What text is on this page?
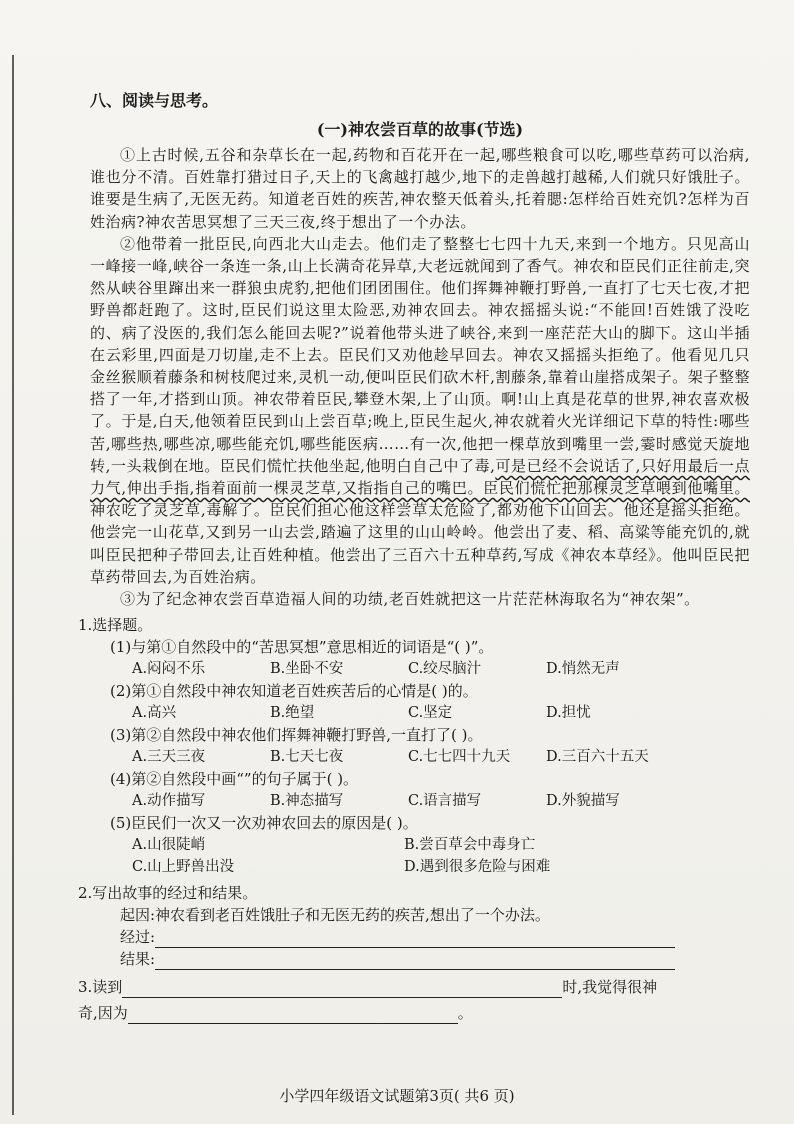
八、阅读与思考。
(一)神农尝百草的故事(节选)

①上古时候,五谷和杂草长在一起,药物和百花开在一起,哪些粮食可以吃,哪些草药可以治病,谁也分不清。百姓靠打猎过日子,天上的飞禽越打越少,地下的走兽越打越稀,人们就只好饿肚子。谁要是生病了,无医无药。知道老百姓的疾苦,神农整天低着头,托着腮:怎样给百姓充饥?怎样为百姓治病?神农苦思冥想了三天三夜,终于想出了一个办法。

②他带着一批臣民,向西北大山走去。他们走了整整七七四十九天,来到一个地方。只见高山一峰接一峰,峡谷一条连一条,山上长满奇花异草,大老远就闻到了香气。神农和臣民们正往前走,突然从峡谷里蹿出来一群狼虫虎豹,把他们团团围住。他们挥舞神鞭打野兽,一直打了七天七夜,才把野兽都赶跑了。这时,臣民们说这里太险恶,劝神农回去。神农摇摇头说:“不能回!百姓饿了没吃的、病了没医的,我们怎么能回去呢?”说着他带头进了峡谷,来到一座茫茫大山的脚下。这山半插在云彩里,四面是刀切崖,走不上去。臣民们又劝他趁早回去。神农又摇摇头拒绝了。他看见几只金丝猴顺着藤条和树枝爬过来,灵机一动,便叫臣民们砍木杆,割藤条,靠着山崖搭成架子。架子整整搭了一年,才搭到山顶。神农带着臣民,攀登木架,上了山顶。啊!山上真是花草的世界,神农喜欢极了。于是,白天,他领着臣民到山上尝百草;晚上,臣民生起火,神农就着火光详细记下草的特性:哪些苦,哪些热,哪些凉,哪些能充饥,哪些能医病……有一次,他把一棵草放到嘴里一尝,霎时感觉天旋地转,一头栽倒在地。臣民们慌忙扶他坐起,他明白自己中了毒,可是已经不会说话了,只好用最后一点力气,伸出手指,指着面前一棵灵芝草,又指指自己的嘴巴。臣民们慌忙把那棵灵芝草喂到他嘴里。神农吃了灵芝草,毒解了。臣民们担心他这样尝草太危险了,都劝他下山回去。他还是摇头拒绝。他尝完一山花草,又到另一山去尝,踏遍了这里的山山岭岭。他尝出了麦、稻、高粱等能充饥的,就叫臣民把种子带回去,让百姓种植。他尝出了三百六十五种草药,写成《神农本草经》。他叫臣民把草药带回去,为百姓治病。

③为了纪念神农尝百草造福人间的功绩,老百姓就把这一片茫茫林海取名为“神农架”。

1.选择题。
(1)与第①自然段中的“苦思冥想”意思相近的词语是“( )”。
A.闷闷不乐	B.坐卧不安	C.绞尽脑汁	D.悄然无声
(2)第①自然段中神农知道老百姓疾苦后的心情是( )的。
A.高兴	B.绝望	C.坚定	D.担忧
(3)第②自然段中神农他们挥舞神鞭打野兽,一直打了( )。
A.三天三夜	B.七天七夜	C.七七四十九天	D.三百六十五天
(4)第②自然段中画“”的句子属于( )。
A.动作描写	B.神态描写	C.语言描写	D.外貌描写
(5)臣民们一次又一次劝神农回去的原因是( )。
A.山很陡峭	B.尝百草会中毒身亡
C.山上野兽出没	D.遇到很多危险与困难
2.写出故事的经过和结果。
起因:神农看到老百姓饿肚子和无医无药的疾苦,想出了一个办法。
经过:
结果:
3.读到	时,我觉得很神
奇,因为	。
小学四年级语文试题第3页( 共6 页)
